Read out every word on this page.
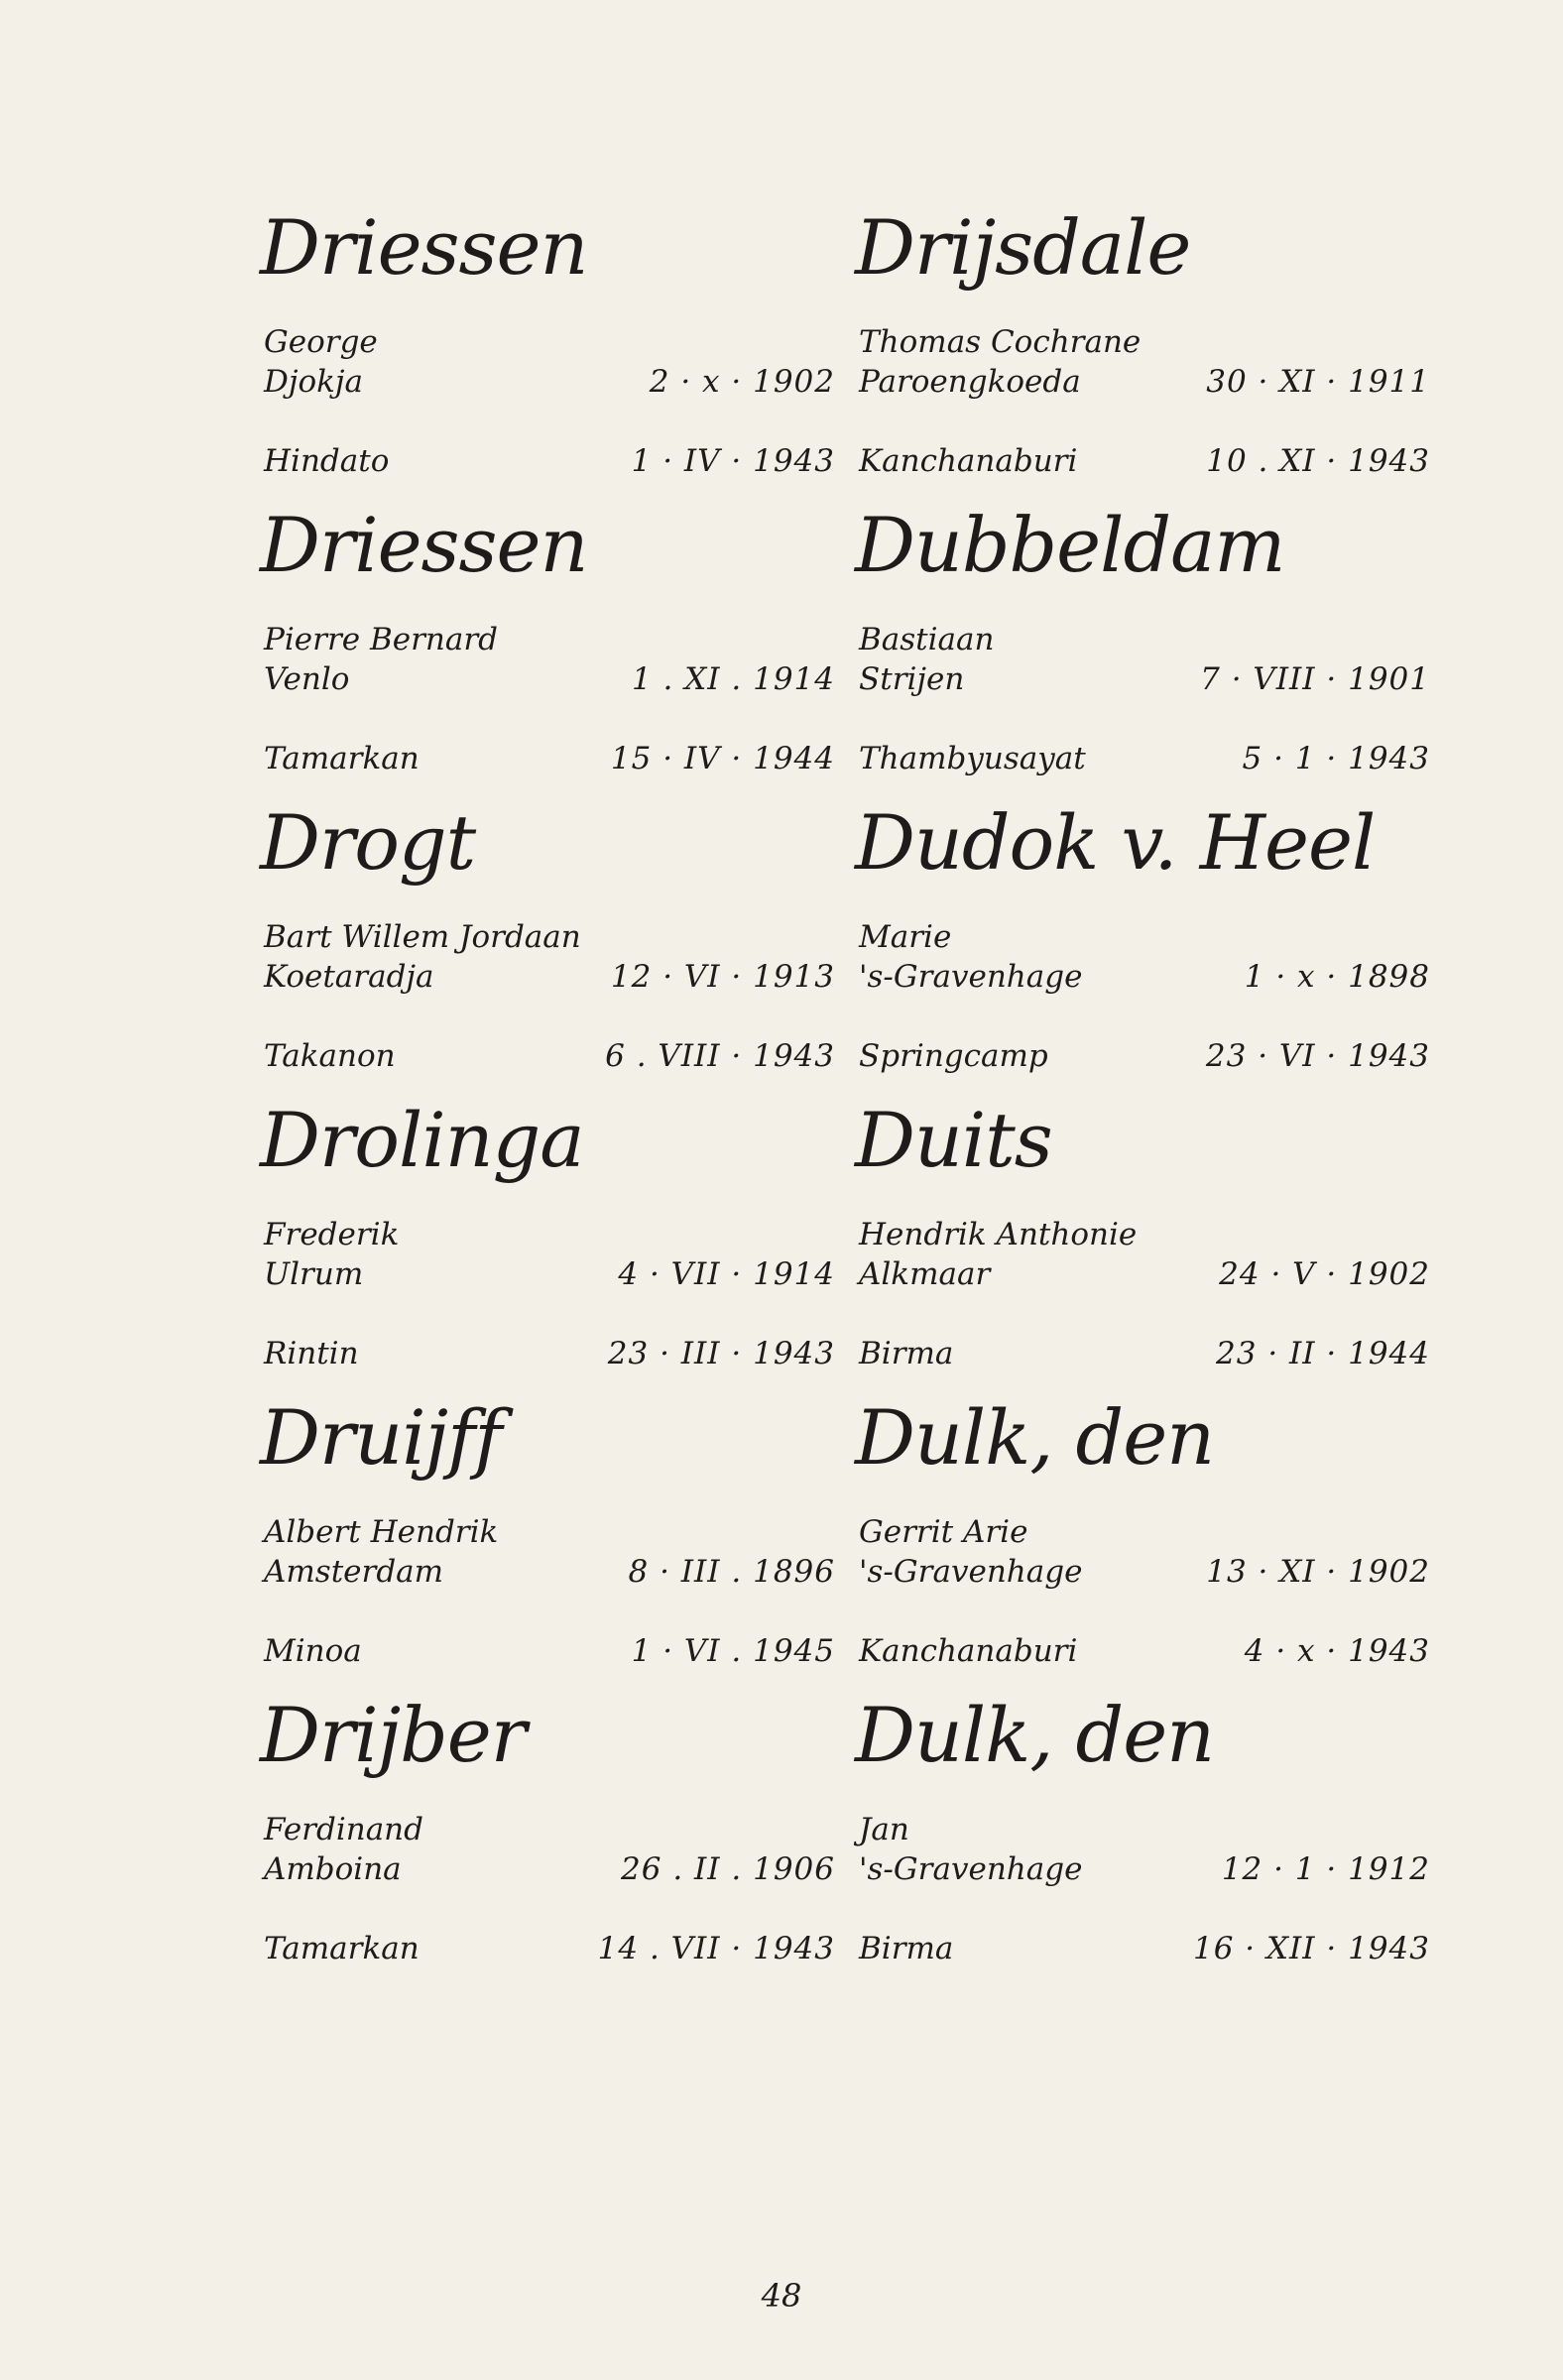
Driessen
George
Djokja	2 · x · 1902
Hindato	1 · IV · 1943
Driessen
Pierre Bernard
Venlo	1 . XI . 1914
Tamarkan	15 · IV · 1944
Drogt
Bart Willem Jordaan
Koetaradja	12 · VI · 1913
Takanon	6 . VIII · 1943
Drolinga
Frederik
Ulrum	4 · VII · 1914
Rintin	23 · III · 1943
Druijff
Albert Hendrik
Amsterdam	8 · III . 1896
Minoa	1 · VI . 1945
Drijber
Ferdinand
Amboina	26 . II . 1906
Tamarkan	14 . VII · 1943
Drijsdale
Thomas Cochrane
Paroengkoeda	30 · XI · 1911
Kanchanaburi	10 . XI · 1943
Dubbeldam
Bastiaan
Strijen	7 · VIII · 1901
Thambyusayat	5 · 1 · 1943
Dudok v. Heel
Marie
's-Gravenhage	1 · x · 1898
Springcamp	23 · VI · 1943
Duits
Hendrik Anthonie
Alkmaar	24 · V · 1902
Birma	23 · II · 1944
Dulk, den
Gerrit Arie
's-Gravenhage	13 · XI · 1902
Kanchanaburi	4 · x · 1943
Dulk, den
Jan
's-Gravenhage	12 · 1 · 1912
Birma	16 · XII · 1943
48
